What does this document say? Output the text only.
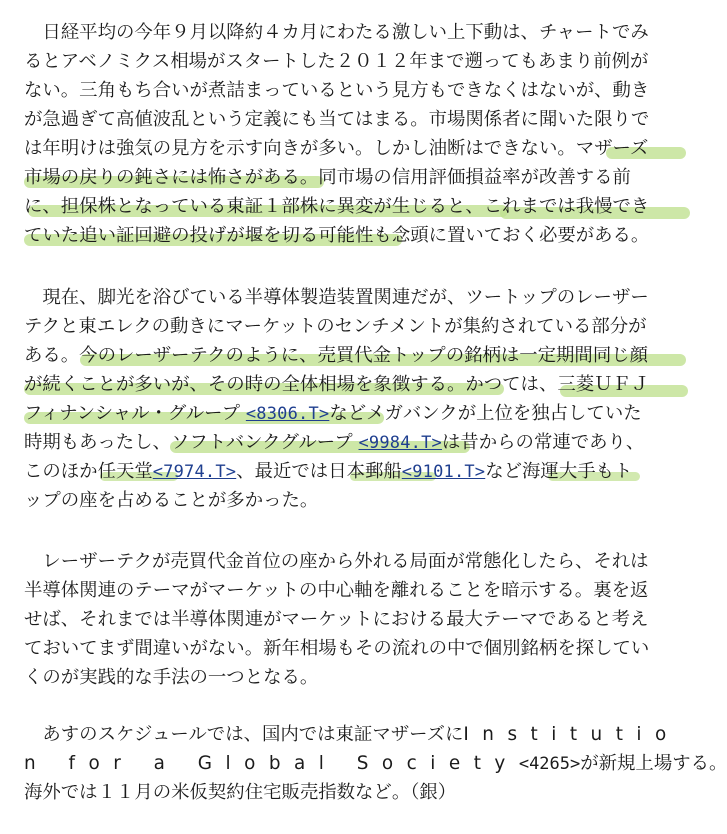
　日経平均の今年９月以降約４カ月にわたる激しい上下動は、チャートでみ
るとアベノミクス相場がスタートした２０１２年まで遡ってもあまり前例が
ない。三角もち合いが煮詰まっているという見方もできなくはないが、動き
が急過ぎて高値波乱という定義にも当てはまる。市場関係者に聞いた限りで
は年明けは強気の見方を示す向きが多い。しかし油断はできない。マザーズ
市場の戻りの鈍さには怖さがある。同市場の信用評価損益率が改善する前
に、担保株となっている東証１部株に異変が生じると、これまでは我慢でき
ていた追い証回避の投げが堰を切る可能性も念頭に置いておく必要がある。
　現在、脚光を浴びている半導体製造装置関連だが、ツートップのレーザー
テクと東エレクの動きにマーケットのセンチメントが集約されている部分が
ある。今のレーザーテクのように、売買代金トップの銘柄は一定期間同じ顔
が続くことが多いが、その時の全体相場を象徴する。かつては、三菱ＵＦＪ
フィナンシャル・グループ <8306.T>などメガバンクが上位を独占していた
時期もあったし、ソフトバンクグループ <9984.T>は昔からの常連であり、
このほか任天堂<7974.T>、最近では日本郵船<9101.T>など海運大手もト
ップの座を占めることが多かった。
　レーザーテクが売買代金首位の座から外れる局面が常態化したら、それは
半導体関連のテーマがマーケットの中心軸を離れることを暗示する。裏を返
せば、それまでは半導体関連がマーケットにおける最大テーマであると考え
ておいてまず間違いがない。新年相場もその流れの中で個別銘柄を探してい
くのが実践的な手法の一つとなる。
　あすのスケジュールでは、国内では東証マザーズにInstitutio
n for a Global Society<4265>が新規上場する。
海外では１１月の米仮契約住宅販売指数など。（銀）
